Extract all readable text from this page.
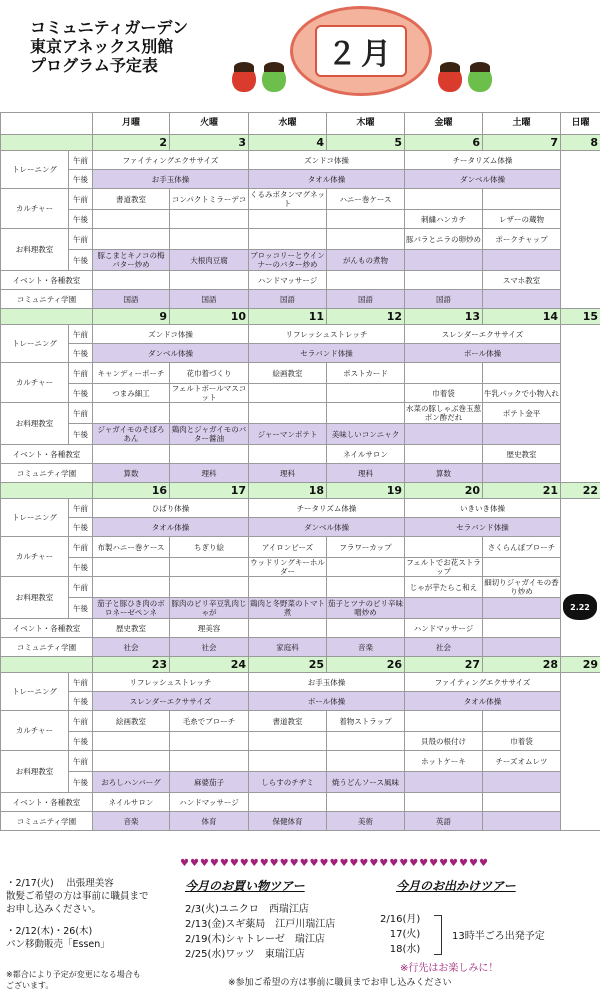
コミュニティガーデン
東京アネックス別館
プログラム予定表	２月
		月曜	火曜	水曜	木曜	金曜	土曜	日曜
		2	3	4	5	6	7	8
トレーニング	午前	ファイティングエクササイズ		ズンドコ体操		チータリズム体操		
	午後	お手玉体操		タオル体操		ダンベル体操		
カルチャー	午前	書道教室	コンパクトミラーデコ	くるみボタンマグネット	ハニー巻ケース			
	午後					刺繍ハンカチ	レザーの蔵物	
お料理教室	午前					豚バラとニラの卵炒め	ポークチャップ	
	午後	豚こまとキノコの梅バター炒め	大根肉豆腐	ブロッコリーとウインナーのバター炒め	がんもの煮物			
イベント・各種教室				ハンドマッサージ			スマホ教室	
コミュニティ学園		国語	国語	国語	国語	国語		
		9	10	11	12	13	14	15
トレーニング	午前	ズンドコ体操		リフレッシュストレッチ		スレンダーエクササイズ		
	午後	ダンベル体操		セラバンド体操		ボール体操		
カルチャー	午前	キャンディーポーチ	花巾着づくり	絵画教室	ポストカード			
	午後	つまみ細工	フェルトボールマスコット			巾着袋	牛乳パックで小物入れ	
お料理教室	午前					水菜の豚しゃぶ巻玉葱ポン酢だれ	ポテト金平	
	午後	ジャガイモのそぼろあん	鶏肉とジャガイモのバター醤油	ジャーマンポテト	美味しいコンニャク			
イベント・各種教室					ネイルサロン		歴史教室	
コミュニティ学園		算数	理科	理科	理科	算数		
		16	17	18	19	20	21	22
トレーニング	午前	ひばり体操		チータリズム体操		いきいき体操		
	午後	タオル体操		ダンベル体操		セラバンド体操		
カルチャー	午前	布製ハニー巻ケース	ちぎり絵	アイロンビーズ	フラワーカップ		さくらんぼブローチ	
	午後			ウッドリングキーホルダー		フェルトでお花ストラップ		
お料理教室	午前					じゃが芋たらこ和え	細切りジャガイモの香り炒め	
	午後	茄子と豚ひき肉のボロネーゼペンネ	豚肉のピリ辛豆乳肉じゃが	鶏肉と冬野菜のトマト煮	茄子とツナのピリ辛味噌炒め			
イベント・各種教室		歴史教室	理美容			ハンドマッサージ		
コミュニティ学園		社会	社会	家庭科	音楽	社会		
		23	24	25	26	27	28	29
トレーニング	午前	リフレッシュストレッチ		お手玉体操		ファイティングエクササイズ		
	午後	スレンダーエクササイズ		ボール体操		タオル体操		
カルチャー	午前	絵画教室	毛糸でブローチ	書道教室	着物ストラップ			
	午後					貝殻の根付け	巾着袋	
お料理教室	午前					ホットケーキ	チーズオムレツ	
	午後	おろしハンバーグ	麻婆茄子	しらすのチヂミ	焼うどんソース風味			
イベント・各種教室		ネイルサロン	ハンドマッサージ					
コミュニティ学園		音楽	体育	保健体育	美術	英語		
2.22
・2/17(火)　 出張理美容
散髪ご希望の方は事前に職員まで
お申し込みください。
・2/12(木)・26(木)
パン移動販売「Essen」
※都合により予定が変更になる場合も
ございます。
♥♥♥♥♥♥♥♥♥♥♥♥♥♥♥♥♥♥♥♥♥♥♥♥♥♥♥♥♥♥♥
今月のお買い物ツアー
2/3(火)ユニクロ　西瑞江店
2/13(金)スギ薬局　江戸川瑞江店
2/19(木)シャトレーゼ　瑞江店
2/25(水)ワッツ　東瑞江店
今月のお出かけツアー
2/16(月)
17(火)
18(水)
13時半ごろ出発予定
※行先はお楽しみに！
※参加ご希望の方は事前に職員までお申し込みください
